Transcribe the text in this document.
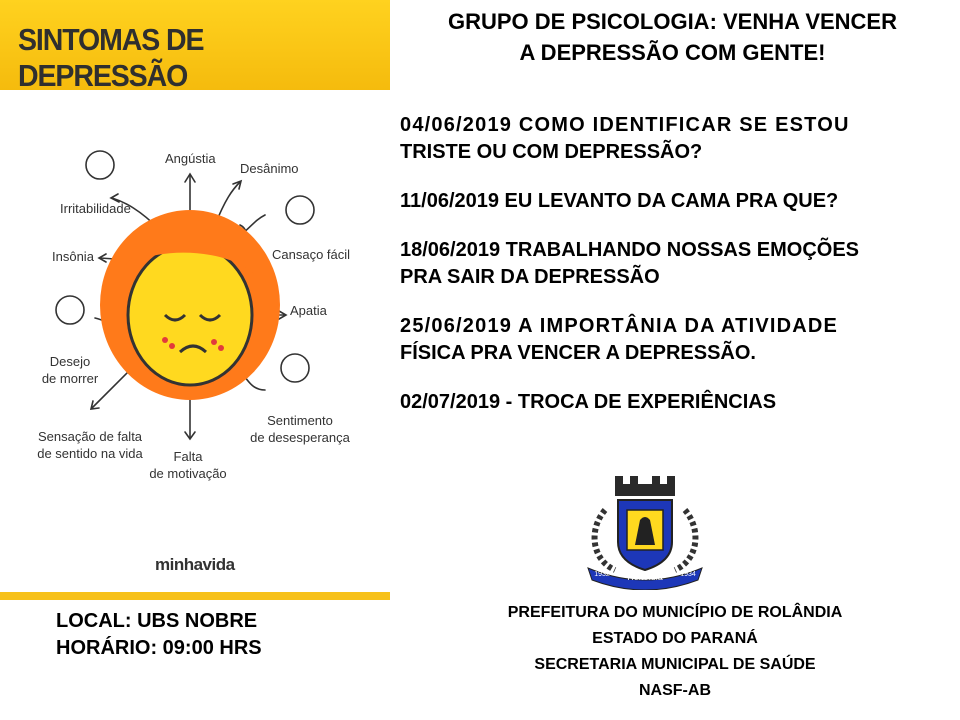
SINTOMAS DE DEPRESSÃO
Angústia
Desânimo
Irritabilidade
Cansaço fácil
Insônia
Apatia
Desejo
de morrer
Sentimento
de desesperança
Sensação de falta
de sentido na vida	Falta
de motivação
minhavida
LOCAL: UBS NOBRE
HORÁRIO: 09:00 HRS
GRUPO DE PSICOLOGIA: VENHA VENCER
A DEPRESSÃO COM GENTE!

04/06/2019 COMO IDENTIFICAR SE ESTOU
TRISTE OU COM DEPRESSÃO?

11/06/2019 EU LEVANTO DA CAMA PRA QUE?

18/06/2019 TRABALHANDO NOSSAS EMOÇÕES
PRA SAIR DA DEPRESSÃO

25/06/2019 A IMPORTÂNIA DA ATIVIDADE
FÍSICA PRA VENCER A DEPRESSÃO.

02/07/2019 - TROCA DE EXPERIÊNCIAS

Rolândia
1932	1934
PREFEITURA DO MUNICÍPIO DE ROLÂNDIA
ESTADO DO PARANÁ
SECRETARIA MUNICIPAL DE SAÚDE
NASF-AB
